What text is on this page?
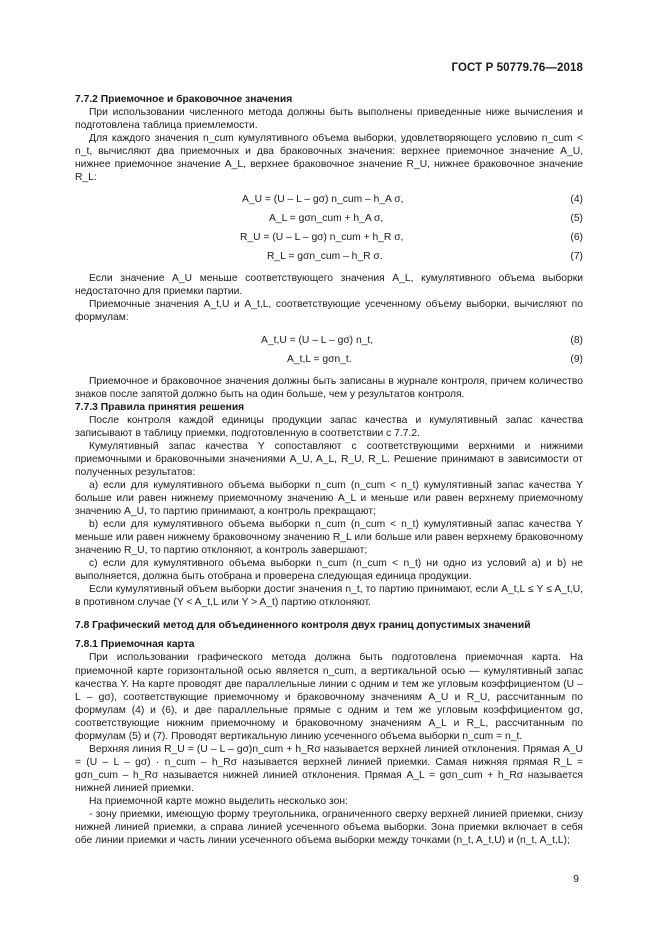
ГОСТ Р 50779.76—2018

7.7.2 Приемочное и браковочное значения

При использовании численного метода должны быть выполнены приведенные ниже вычисления и подготовлена таблица приемлемости.

Для каждого значения n_cum кумулятивного объема выборки, удовлетворяющего условию n_cum < n_t, вычисляют два приемочных и два браковочных значения: верхнее приемочное значение A_U, нижнее приемочное значение A_L, верхнее браковочное значение R_U, нижнее браковочное значение R_L:

A_U = (U – L – gσ) n_cum – h_A σ,	(4)
A_L = gσn_cum + h_A σ,	(5)
R_U = (U – L – gσ) n_cum + h_R σ,	(6)
R_L = gσn_cum – h_R σ.	(7)

Если значение A_U меньше соответствующего значения A_L, кумулятивного объема выборки недостаточно для приемки партии.

Приемочные значения A_t,U и A_t,L, соответствующие усеченному объему выборки, вычисляют по формулам:

A_t,U = (U – L – gσ) n_t,	(8)
A_t,L = gσn_t.	(9)

Приемочное и браковочное значения должны быть записаны в журнале контроля, причем количество знаков после запятой должно быть на один больше, чем у результатов контроля.

7.7.3 Правила принятия решения

После контроля каждой единицы продукции запас качества и кумулятивный запас качества записывают в таблицу приемки, подготовленную в соответствии с 7.7.2.

Кумулятивный запас качества Y сопоставляют с соответствующими верхними и нижними приемочными и браковочными значениями A_U, A_L, R_U, R_L. Решение принимают в зависимости от полученных результатов:

а) если для кумулятивного объема выборки n_cum (n_cum < n_t) кумулятивный запас качества Y больше или равен нижнему приемочному значению A_L и меньше или равен верхнему приемочному значению A_U, то партию принимают, а контроль прекращают;

b) если для кумулятивного объема выборки n_cum (n_cum < n_t) кумулятивный запас качества Y меньше или равен нижнему браковочному значению R_L или больше или равен верхнему браковочному значению R_U, то партию отклоняют, а контроль завершают;

с) если для кумулятивного объема выборки n_cum (n_cum < n_t) ни одно из условий а) и b) не выполняется, должна быть отобрана и проверена следующая единица продукции.

Если кумулятивный объем выборки достиг значения n_t, то партию принимают, если A_t,L ≤ Y ≤ A_t,U, в противном случае (Y < A_t,L или Y > A_t) партию отклоняют.

7.8 Графический метод для объединенного контроля двух границ допустимых значений

7.8.1 Приемочная карта

При использовании графического метода должна быть подготовлена приемочная карта. На приемочной карте горизонтальной осью является n_cum, а вертикальной осью — кумулятивный запас качества Y. На карте проводят две параллельные линии с одним и тем же угловым коэффициентом (U – L – gσ), соответствующие приемочному и браковочному значениям A_U и R_U, рассчитанным по формулам (4) и (6), и две параллельные прямые с одним и тем же угловым коэффициентом gσ, соответствующие нижним приемочному и браковочному значениям A_L и R_L, рассчитанным по формулам (5) и (7). Проводят вертикальную линию усеченного объема выборки n_cum = n_t.

Верхняя линия R_U = (U – L – gσ)n_cum + h_Rσ называется верхней линией отклонения. Прямая A_U = (U – L – gσ) · n_cum – h_Rσ называется верхней линией приемки. Самая нижняя прямая R_L = gσn_cum – h_Rσ называется нижней линией отклонения. Прямая A_L = gσn_cum + h_Rσ называется нижней линией приемки.

На приемочной карте можно выделить несколько зон:

- зону приемки, имеющую форму треугольника, ограниченного сверху верхней линией приемки, снизу нижней линией приемки, а справа линией усеченного объема выборки. Зона приемки включает в себя обе линии приемки и часть линии усеченного объема выборки между точками (n_t, A_t,U) и (n_t, A_t,L);

9
